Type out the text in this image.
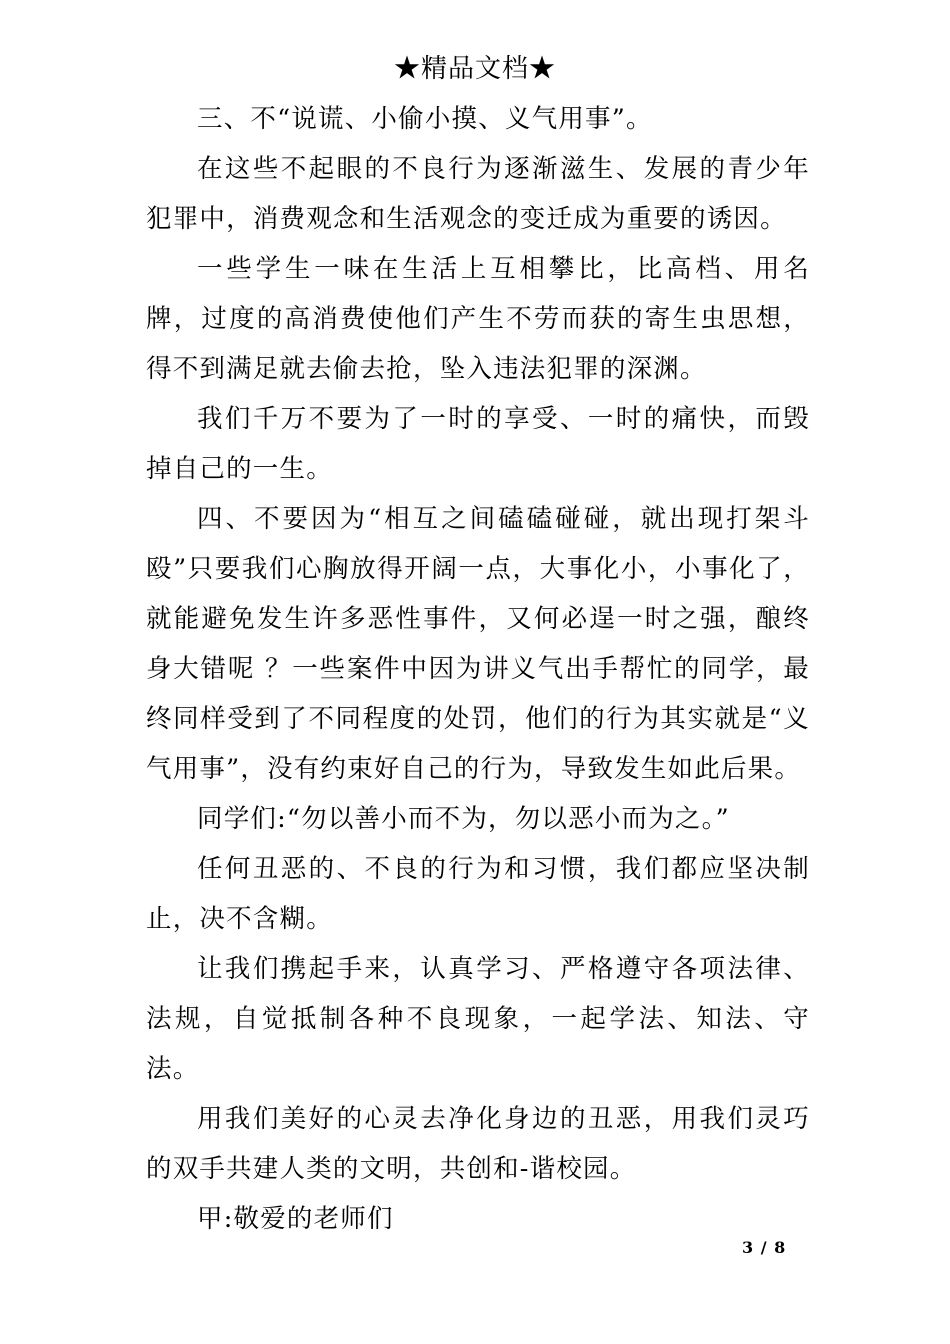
★精品文档★

三、不“说谎、小偷小摸、义气用事”。

在这些不起眼的不良行为逐渐滋生、发展的青少年犯罪中，消费观念和生活观念的变迁成为重要的诱因。

一些学生一味在生活上互相攀比，比高档、用名牌，过度的高消费使他们产生不劳而获的寄生虫思想，得不到满足就去偷去抢，坠入违法犯罪的深渊。

我们千万不要为了一时的享受、一时的痛快，而毁掉自己的一生。

四、不要因为“相互之间磕磕碰碰，就出现打架斗殴”只要我们心胸放得开阔一点，大事化小，小事化了，就能避免发生许多恶性事件，又何必逞一时之强，酿终身大错呢 ？一些案件中因为讲义气出手帮忙的同学，最终同样受到了不同程度的处罚，他们的行为其实就是“义气用事”，没有约束好自己的行为，导致发生如此后果。

同学们:“勿以善小而不为，勿以恶小而为之。”

任何丑恶的、不良的行为和习惯，我们都应坚决制止，决不含糊。

让我们携起手来，认真学习、严格遵守各项法律、法规，自觉抵制各种不良现象，一起学法、知法、守法。

用我们美好的心灵去净化身边的丑恶，用我们灵巧的双手共建人类的文明，共创和-谐校园。

甲:敬爱的老师们

3 / 8
